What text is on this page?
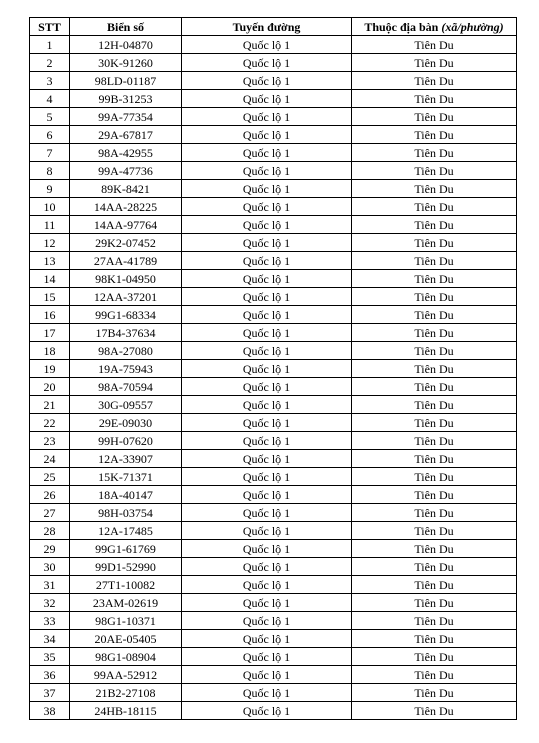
STT	Biển số	Tuyến đường	Thuộc địa bàn (xã/phường)
1	12H-04870	Quốc lộ 1	Tiên Du
2	30K-91260	Quốc lộ 1	Tiên Du
3	98LD-01187	Quốc lộ 1	Tiên Du
4	99B-31253	Quốc lộ 1	Tiên Du
5	99A-77354	Quốc lộ 1	Tiên Du
6	29A-67817	Quốc lộ 1	Tiên Du
7	98A-42955	Quốc lộ 1	Tiên Du
8	99A-47736	Quốc lộ 1	Tiên Du
9	89K-8421	Quốc lộ 1	Tiên Du
10	14AA-28225	Quốc lộ 1	Tiên Du
11	14AA-97764	Quốc lộ 1	Tiên Du
12	29K2-07452	Quốc lộ 1	Tiên Du
13	27AA-41789	Quốc lộ 1	Tiên Du
14	98K1-04950	Quốc lộ 1	Tiên Du
15	12AA-37201	Quốc lộ 1	Tiên Du
16	99G1-68334	Quốc lộ 1	Tiên Du
17	17B4-37634	Quốc lộ 1	Tiên Du
18	98A-27080	Quốc lộ 1	Tiên Du
19	19A-75943	Quốc lộ 1	Tiên Du
20	98A-70594	Quốc lộ 1	Tiên Du
21	30G-09557	Quốc lộ 1	Tiên Du
22	29E-09030	Quốc lộ 1	Tiên Du
23	99H-07620	Quốc lộ 1	Tiên Du
24	12A-33907	Quốc lộ 1	Tiên Du
25	15K-71371	Quốc lộ 1	Tiên Du
26	18A-40147	Quốc lộ 1	Tiên Du
27	98H-03754	Quốc lộ 1	Tiên Du
28	12A-17485	Quốc lộ 1	Tiên Du
29	99G1-61769	Quốc lộ 1	Tiên Du
30	99D1-52990	Quốc lộ 1	Tiên Du
31	27T1-10082	Quốc lộ 1	Tiên Du
32	23AM-02619	Quốc lộ 1	Tiên Du
33	98G1-10371	Quốc lộ 1	Tiên Du
34	20AE-05405	Quốc lộ 1	Tiên Du
35	98G1-08904	Quốc lộ 1	Tiên Du
36	99AA-52912	Quốc lộ 1	Tiên Du
37	21B2-27108	Quốc lộ 1	Tiên Du
38	24HB-18115	Quốc lộ 1	Tiên Du
